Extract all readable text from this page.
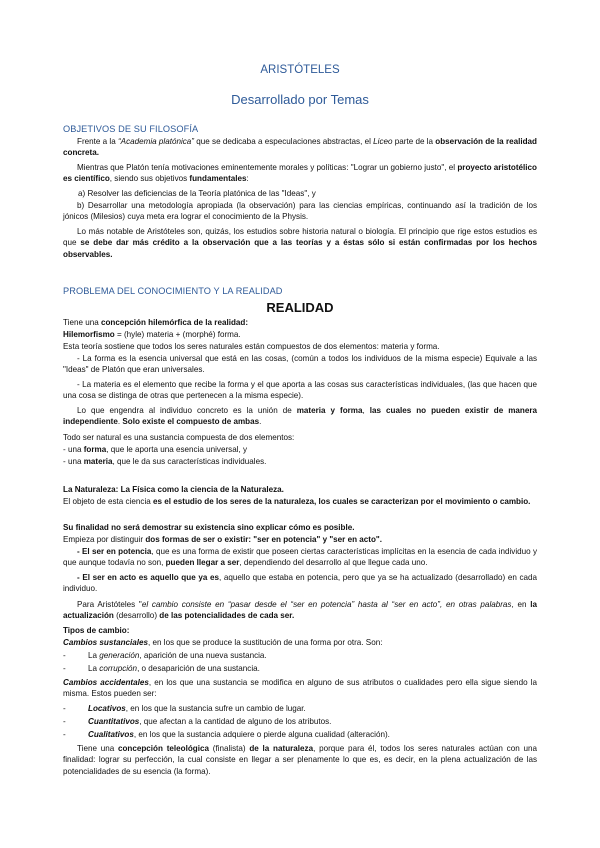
ARISTÓTELES
Desarrollado por Temas
OBJETIVOS DE SU FILOSOFÍA
Frente a la “Academia platónica” que se dedicaba a especulaciones abstractas, el Liceo parte de la observación de la realidad concreta.
Mientras que Platón tenía motivaciones eminentemente morales y políticas: "Lograr un gobierno justo", el proyecto aristotélico es científico, siendo sus objetivos fundamentales:
a) Resolver las deficiencias de la Teoría platónica de las "Ideas", y
b) Desarrollar una metodología apropiada (la observación) para las ciencias empíricas, continuando así la tradición de los jónicos (Milesios) cuya meta era lograr el conocimiento de la Physis.
Lo más notable de Aristóteles son, quizás, los estudios sobre historia natural o biología. El principio que rige estos estudios es que se debe dar más crédito a la observación que a las teorías y a éstas sólo si están confirmadas por los hechos observables.
PROBLEMA DEL CONOCIMIENTO Y LA REALIDAD
REALIDAD
Tiene una concepción hilemórfica de la realidad:
Hilemorfismo = (hyle) materia + (morphé) forma.
Esta teoría sostiene que todos los seres naturales están compuestos de dos elementos: materia y forma.
- La forma es la esencia universal que está en las cosas, (común a todos los individuos de la misma especie) Equivale a las "Ideas" de Platón que eran universales.
- La materia es el elemento que recibe la forma y el que aporta a las cosas sus características individuales, (las que hacen que una cosa se distinga de otras que pertenecen a la misma especie).
Lo que engendra al individuo concreto es la unión de materia y forma, las cuales no pueden existir de manera independiente. Solo existe el compuesto de ambas.
Todo ser natural es una sustancia compuesta de dos elementos:
- una forma, que le aporta una esencia universal, y
- una materia, que le da sus características individuales.
La Naturaleza: La Física como la ciencia de la Naturaleza.
El objeto de esta ciencia es el estudio de los seres de la naturaleza, los cuales se caracterizan por el movimiento o cambio.
Su finalidad no será demostrar su existencia sino explicar cómo es posible.
Empieza por distinguir dos formas de ser o existir: "ser en potencia" y "ser en acto".
- El ser en potencia, que es una forma de existir que poseen ciertas características implícitas en la esencia de cada individuo y que aunque todavía no son, pueden llegar a ser, dependiendo del desarrollo al que llegue cada uno.
- El ser en acto es aquello que ya es, aquello que estaba en potencia, pero que ya se ha actualizado (desarrollado) en cada individuo.
Para Aristóteles "el cambio consiste en “pasar desde el “ser en potencia” hasta al “ser en acto”, en otras palabras, en la actualización (desarrollo) de las potencialidades de cada ser.
Tipos de cambio:
Cambios sustanciales, en los que se produce la sustitución de una forma por otra. Son:
-	La generación, aparición de una nueva sustancia.
-	La corrupción, o desaparición de una sustancia.
Cambios accidentales, en los que una sustancia se modifica en alguno de sus atributos o cualidades pero ella sigue siendo la misma. Estos pueden ser:
-	Locativos, en los que la sustancia sufre un cambio de lugar.
-	Cuantitativos, que afectan a la cantidad de alguno de los atributos.
-	Cualitativos, en los que la sustancia adquiere o pierde alguna cualidad (alteración).
Tiene una concepción teleológica (finalista) de la naturaleza, porque para él, todos los seres naturales actúan con una finalidad: lograr su perfección, la cual consiste en llegar a ser plenamente lo que es, es decir, en la plena actualización de las potencialidades de su esencia (la forma).
